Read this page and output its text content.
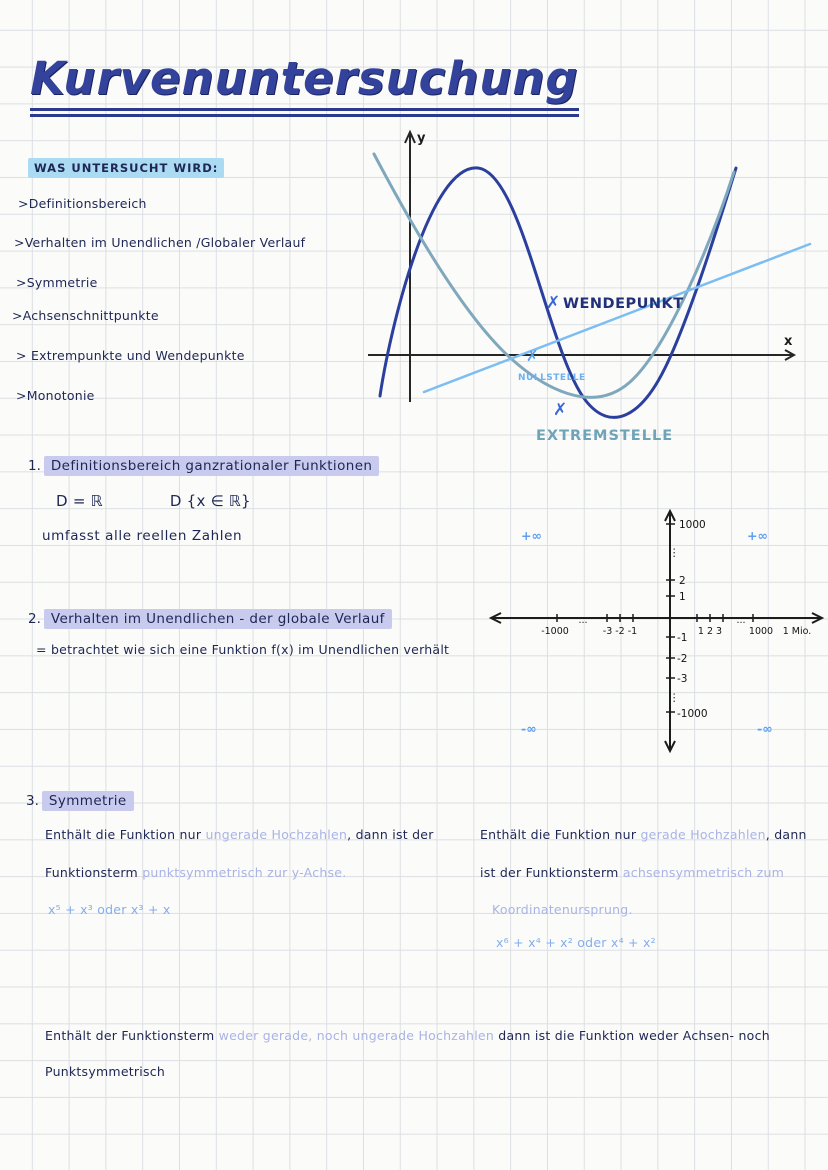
Kurvenuntersuchung
WAS UNTERSUCHT WIRD:
>Definitionsbereich
>Verhalten im Unendlichen /Globaler Verlauf
>Symmetrie
>Achsenschnittpunkte
> Extrempunkte und Wendepunkte
>Monotonie
y
x
✗ WENDEPUNKT
✗
NULLSTELLE
✗
EXTREMSTELLE
1. Definitionsbereich ganzrationaler Funktionen
D = ℝ	D {x ∈ ℝ}
umfasst alle reellen Zahlen
2. Verhalten im Unendlichen - der globale Verlauf
= betrachtet wie sich eine Funktion f(x) im Unendlichen verhält
1000
⋮
2
1
-1
-2
-3
⋮
-1000
-1000
···
-3 -2 -1	1 2 3
···
1000 1 Mio.
+∞	+∞
-∞	-∞
3. Symmetrie
Enthält die Funktion nur ungerade Hochzahlen, dann ist der
Funktionsterm punktsymmetrisch zur y-Achse.
x⁵ + x³ oder x³ + x
Enthält die Funktion nur gerade Hochzahlen, dann
ist der Funktionsterm achsensymmetrisch zum
Koordinatenursprung.
x⁶ + x⁴ + x² oder x⁴ + x²
Enthält der Funktionsterm weder gerade, noch ungerade Hochzahlen dann ist die Funktion weder Achsen- noch
Punktsymmetrisch
